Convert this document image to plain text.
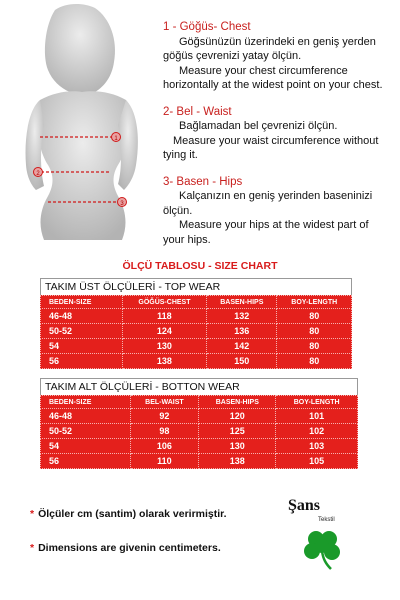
1
2
3
1 - Göğüs- Chest
Göğsünüzün üzerindeki en geniş yerden
göğüs çevrenizi yatay ölçün.
Measure your chest circumference
horizontally at the widest point on your chest.
2- Bel - Waist
Bağlamadan bel çevrenizi ölçün.
Measure your waist circumference without
tying it.
3- Basen - Hips
Kalçanızın en geniş yerinden baseninizi
ölçün.
Measure your hips at the widest part of
your hips.
ÖLÇÜ TABLOSU - SIZE CHART
TAKIM ÜST ÖLÇÜLERİ - TOP WEAR
BEDEN-SIZE	GÖĞÜS-CHEST	BASEN-HIPS	BOY-LENGTH
46-48	118	132	80
50-52	124	136	80
54	130	142	80
56	138	150	80
TAKIM ALT ÖLÇÜLERİ - BOTTON WEAR
BEDEN-SIZE	BEL-WAIST	BASEN-HIPS	BOY-LENGTH
46-48	92	120	101
50-52	98	125	102
54	106	130	103
56	110	138	105
* Ölçüler cm (santim) olarak verirmiştir.
* Dimensions are givenin centimeters.
Şans
Tekstil
